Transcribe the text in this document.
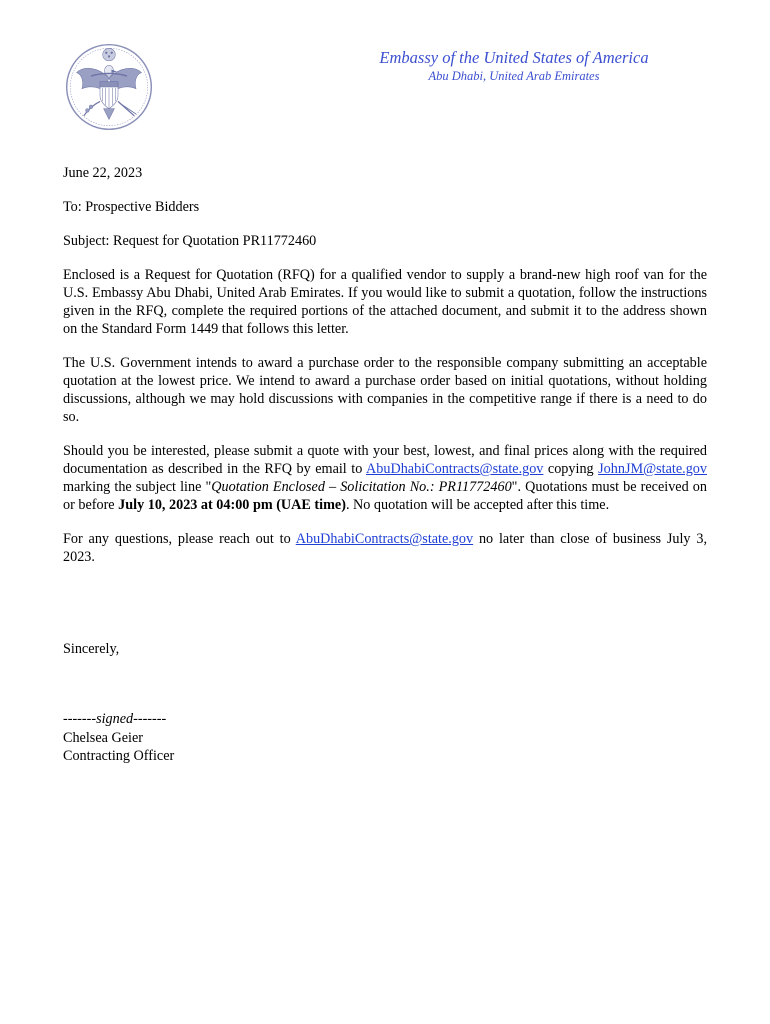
Embassy of the United States of America
Abu Dhabi, United Arab Emirates

June 22, 2023

To: Prospective Bidders

Subject: Request for Quotation PR11772460

Enclosed is a Request for Quotation (RFQ) for a qualified vendor to supply a brand-new high roof van for the U.S. Embassy Abu Dhabi, United Arab Emirates. If you would like to submit a quotation, follow the instructions given in the RFQ, complete the required portions of the attached document, and submit it to the address shown on the Standard Form 1449 that follows this letter.

The U.S. Government intends to award a purchase order to the responsible company submitting an acceptable quotation at the lowest price. We intend to award a purchase order based on initial quotations, without holding discussions, although we may hold discussions with companies in the competitive range if there is a need to do so.

Should you be interested, please submit a quote with your best, lowest, and final prices along with the required documentation as described in the RFQ by email to AbuDhabiContracts@state.gov copying JohnJM@state.gov marking the subject line "Quotation Enclosed – Solicitation No.: PR11772460". Quotations must be received on or before July 10, 2023 at 04:00 pm (UAE time). No quotation will be accepted after this time.

For any questions, please reach out to AbuDhabiContracts@state.gov no later than close of business July 3, 2023.

Sincerely,
-------signed-------
Chelsea Geier
Contracting Officer
